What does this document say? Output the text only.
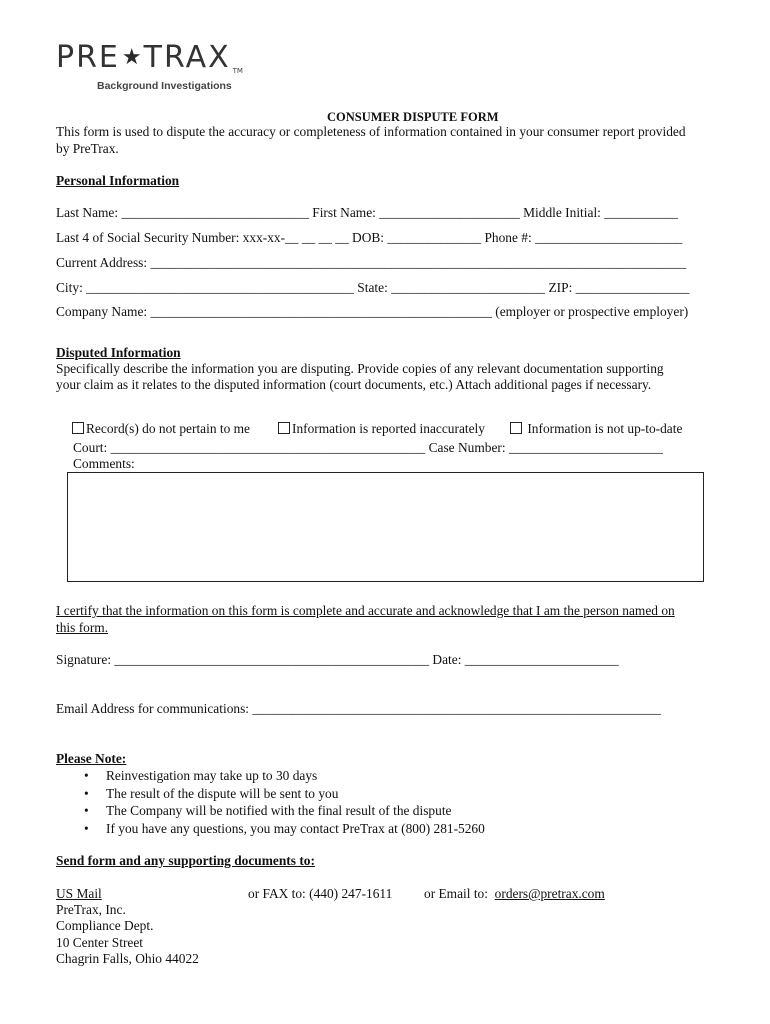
PRE★TRAX $_{TM}$
Background Investigations
CONSUMER DISPUTE FORM
This form is used to dispute the accuracy or completeness of information contained in your consumer report provided
by PreTrax.
Personal Information
Last Name: ____________________________ First Name: _____________________ Middle Initial: ___________
Last 4 of Social Security Number: xxx-xx-__ __ __ __ DOB: ______________ Phone #: ______________________
Current Address: ________________________________________________________________________________
City: ________________________________________ State: _______________________ ZIP: _________________
Company Name: ___________________________________________________ (employer or prospective employer)
Disputed Information
Specifically describe the information you are disputing. Provide copies of any relevant documentation supporting
your claim as it relates to the disputed information (court documents, etc.) Attach additional pages if necessary.
Record(s) do not pertain to me	Information is reported inaccurately	Information is not up-to-date
Court: _______________________________________________ Case Number: _______________________
Comments:
I certify that the information on this form is complete and accurate and acknowledge that I am the person named on
this form.
Signature: _______________________________________________ Date: _______________________
Email Address for communications: _____________________________________________________________
Please Note:
• Reinvestigation may take up to 30 days
• The result of the dispute will be sent to you
• The Company will be notified with the final result of the dispute
• If you have any questions, you may contact PreTrax at (800) 281-5260
Send form and any supporting documents to:
US Mail	or FAX to: (440) 247-1611 or Email to:  orders@pretrax.com
PreTrax, Inc.
Compliance Dept.
10 Center Street
Chagrin Falls, Ohio 44022
